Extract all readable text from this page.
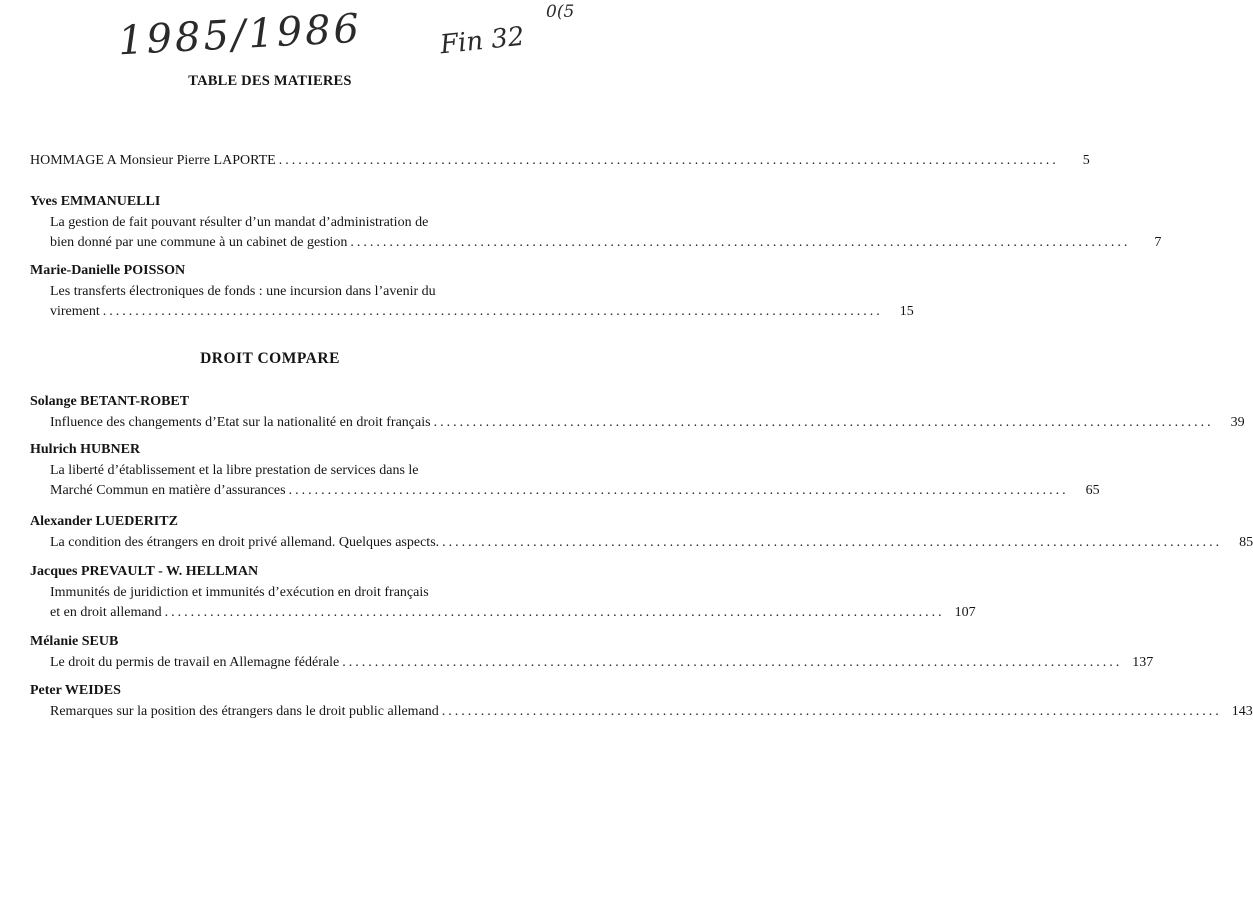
1985/1986	Fin 32
0(5
TABLE DES MATIERES
HOMMAGE A Monsieur Pierre LAPORTE ........................................................................................................................	5
Yves EMMANUELLI
La gestion de fait pouvant résulter d’un mandat d’administration de
bien donné par une commune à un cabinet de gestion ........................................................................................................................	7
Marie-Danielle POISSON
Les transferts électroniques de fonds : une incursion dans l’avenir du
virement ........................................................................................................................	15
DROIT COMPARE
Solange BETANT-ROBET
Influence des changements d’Etat sur la nationalité en droit français ........................................................................................................................	39
Hulrich HUBNER
La liberté d’établissement et la libre prestation de services dans le
Marché Commun en matière d’assurances ........................................................................................................................	65
Alexander LUEDERITZ
La condition des étrangers en droit privé allemand. Quelques aspects. ........................................................................................................................	85
Jacques PREVAULT - W. HELLMAN
Immunités de juridiction et immunités d’exécution en droit français
et en droit allemand ........................................................................................................................ 107
Mélanie SEUB
Le droit du permis de travail en Allemagne fédérale ........................................................................................................................ 137
Peter WEIDES
Remarques sur la position des étrangers dans le droit public allemand ........................................................................................................................ 143
